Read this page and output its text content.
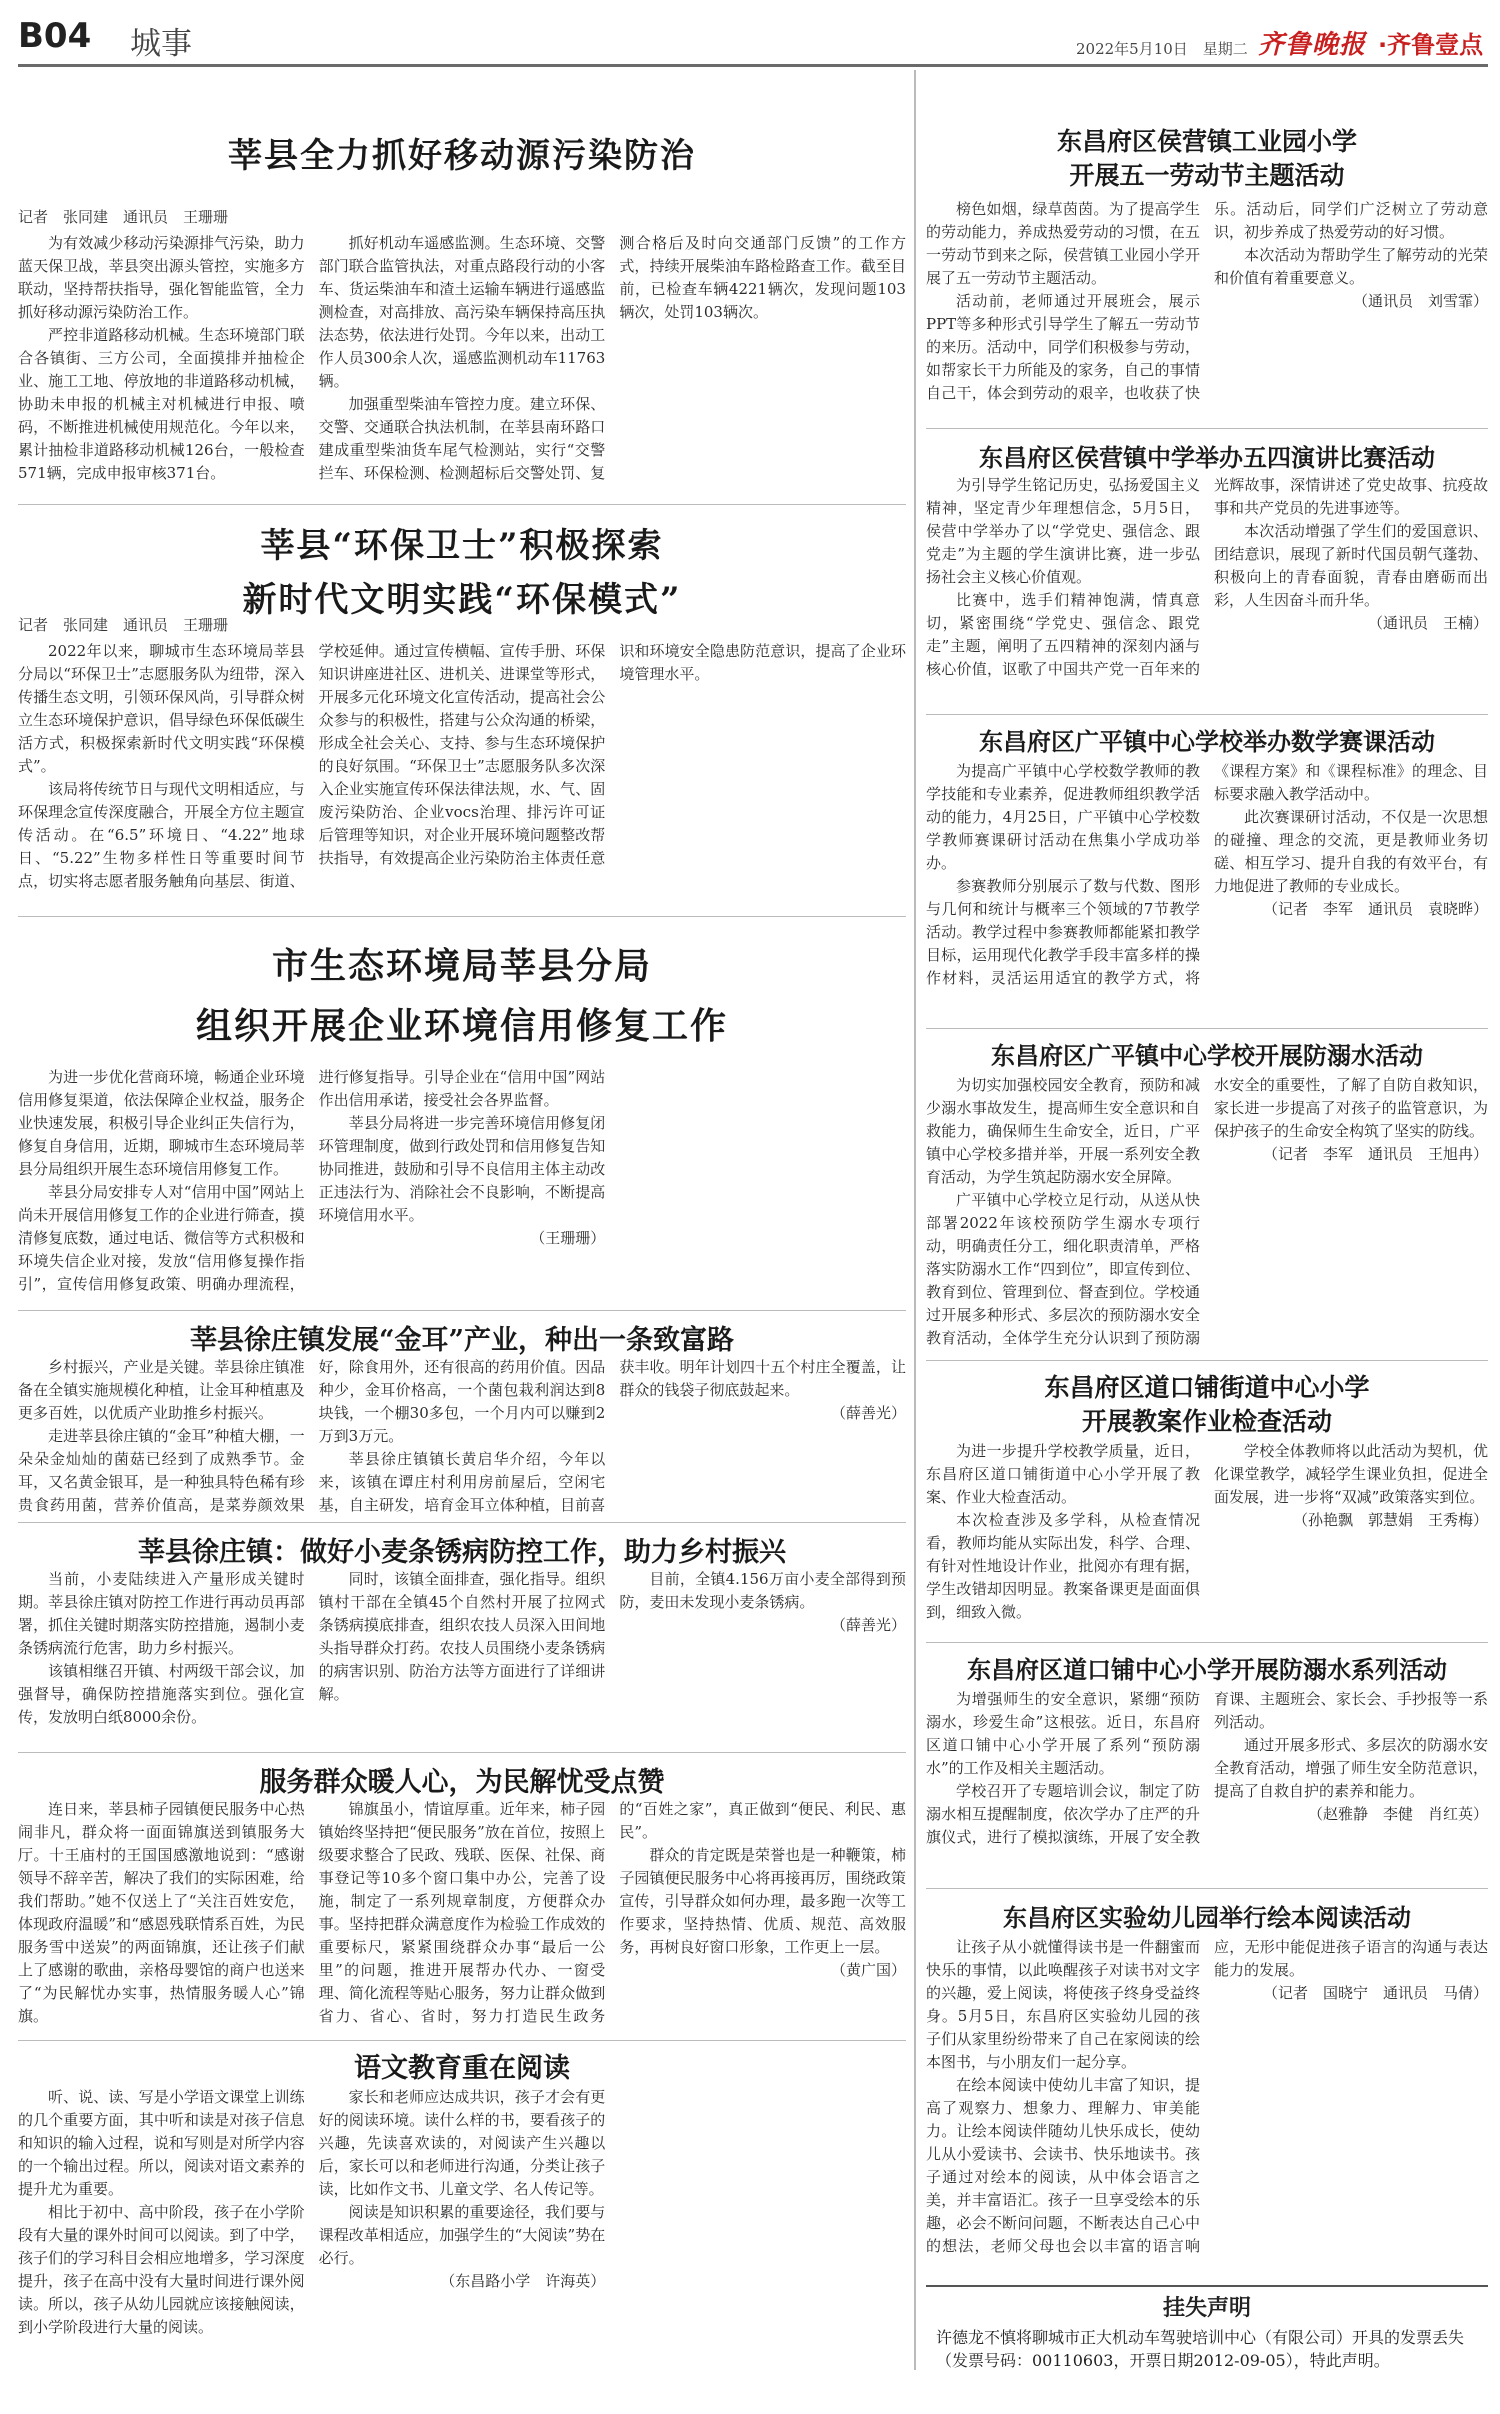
B04 城事	2022年5月10日　星期二 齐鲁晚报 ·齐鲁壹点
莘县全力抓好移动源污染防治
记者　张同建　通讯员　王珊珊

为有效减少移动污染源排气污染，助力蓝天保卫战，莘县突出源头管控，实施多方联动，坚持帮扶指导，强化智能监管，全力抓好移动源污染防治工作。

严控非道路移动机械。生态环境部门联合各镇街、三方公司，全面摸排并抽检企业、施工工地、停放地的非道路移动机械，协助未申报的机械主对机械进行申报、喷码，不断推进机械使用规范化。今年以来，累计抽检非道路移动机械126台，一般检查571辆，完成申报审核371台。

抓好机动车遥感监测。生态环境、交警部门联合监管执法，对重点路段行动的小客车、货运柴油车和渣土运输车辆进行遥感监测检查，对高排放、高污染车辆保持高压执法态势，依法进行处罚。今年以来，出动工作人员300余人次，遥感监测机动车11763辆。

加强重型柴油车管控力度。建立环保、交警、交通联合执法机制，在莘县南环路口建成重型柴油货车尾气检测站，实行“交警拦车、环保检测、检测超标后交警处罚、复测合格后及时向交通部门反馈”的工作方式，持续开展柴油车路检路查工作。截至目前，已检查车辆4221辆次，发现问题103辆次，处罚103辆次。

莘县“环保卫士”积极探索
新时代文明实践“环保模式”
记者　张同建　通讯员　王珊珊

2022年以来，聊城市生态环境局莘县分局以“环保卫士”志愿服务队为纽带，深入传播生态文明，引领环保风尚，引导群众树立生态环境保护意识，倡导绿色环保低碳生活方式，积极探索新时代文明实践“环保模式”。

该局将传统节日与现代文明相适应，与环保理念宣传深度融合，开展全方位主题宣传活动。在“6.5”环境日、“4.22”地球日、“5.22”生物多样性日等重要时间节点，切实将志愿者服务触角向基层、街道、学校延伸。通过宣传横幅、宣传手册、环保知识讲座进社区、进机关、进课堂等形式，开展多元化环境文化宣传活动，提高社会公众参与的积极性，搭建与公众沟通的桥梁，形成全社会关心、支持、参与生态环境保护的良好氛围。“环保卫士”志愿服务队多次深入企业实施宣传环保法律法规，水、气、固废污染防治、企业vocs治理、排污许可证后管理等知识，对企业开展环境问题整改帮扶指导，有效提高企业污染防治主体责任意识和环境安全隐患防范意识，提高了企业环境管理水平。

市生态环境局莘县分局
组织开展企业环境信用修复工作

为进一步优化营商环境，畅通企业环境信用修复渠道，依法保障企业权益，服务企业快速发展，积极引导企业纠正失信行为，修复自身信用，近期，聊城市生态环境局莘县分局组织开展生态环境信用修复工作。

莘县分局安排专人对“信用中国”网站上尚未开展信用修复工作的企业进行筛查，摸清修复底数，通过电话、微信等方式积极和环境失信企业对接，发放“信用修复操作指引”，宣传信用修复政策、明确办理流程，进行修复指导。引导企业在“信用中国”网站作出信用承诺，接受社会各界监督。

莘县分局将进一步完善环境信用修复闭环管理制度，做到行政处罚和信用修复告知协同推进，鼓励和引导不良信用主体主动改正违法行为、消除社会不良影响，不断提高环境信用水平。

（王珊珊）

莘县徐庄镇发展“金耳”产业，种出一条致富路

乡村振兴，产业是关键。莘县徐庄镇准备在全镇实施规模化种植，让金耳种植惠及更多百姓，以优质产业助推乡村振兴。

走进莘县徐庄镇的“金耳”种植大棚，一朵朵金灿灿的菌菇已经到了成熟季节。金耳，又名黄金银耳，是一种独具特色稀有珍贵食药用菌，营养价值高，是菜券颜效果好，除食用外，还有很高的药用价值。因品种少，金耳价格高，一个菌包栽利润达到8块钱，一个棚30多包，一个月内可以赚到2万到3万元。

莘县徐庄镇镇长黄启华介绍，今年以来，该镇在谭庄村利用房前屋后，空闲宅基，自主研发，培育金耳立体种植，目前喜获丰收。明年计划四十五个村庄全覆盖，让群众的钱袋子彻底鼓起来。

（薛善光）

莘县徐庄镇：做好小麦条锈病防控工作，助力乡村振兴

当前，小麦陆续进入产量形成关键时期。莘县徐庄镇对防控工作进行再动员再部署，抓住关键时期落实防控措施，遏制小麦条锈病流行危害，助力乡村振兴。

该镇相继召开镇、村两级干部会议，加强督导，确保防控措施落实到位。强化宣传，发放明白纸8000余份。

同时，该镇全面排查，强化指导。组织镇村干部在全镇45个自然村开展了拉网式条锈病摸底排查，组织农技人员深入田间地头指导群众打药。农技人员围绕小麦条锈病的病害识别、防治方法等方面进行了详细讲解。

目前，全镇4.156万亩小麦全部得到预防，麦田未发现小麦条锈病。

（薛善光）

服务群众暖人心，为民解忧受点赞

连日来，莘县柿子园镇便民服务中心热闹非凡，群众将一面面锦旗送到镇服务大厅。十王庙村的王国国感激地说到：“感谢领导不辞辛苦，解决了我们的实际困难，给我们帮助。”她不仅送上了“关注百姓安危，体现政府温暖”和“感恩残联情系百姓，为民服务雪中送炭”的两面锦旗，还让孩子们献上了感谢的歌曲，亲格母婴馆的商户也送来了“为民解忧办实事，热情服务暖人心”锦旗。

锦旗虽小，情谊厚重。近年来，柿子园镇始终坚持把“便民服务”放在首位，按照上级要求整合了民政、残联、医保、社保、商事登记等10多个窗口集中办公，完善了设施，制定了一系列规章制度，方便群众办事。坚持把群众满意度作为检验工作成效的重要标尺，紧紧围绕群众办事“最后一公里”的问题，推进开展帮办代办、一窗受理、简化流程等贴心服务，努力让群众做到省力、省心、省时，努力打造民生政务的“百姓之家”，真正做到“便民、利民、惠民”。

群众的肯定既是荣誉也是一种鞭策，柿子园镇便民服务中心将再接再厉，围绕政策宣传，引导群众如何办理，最多跑一次等工作要求，坚持热情、优质、规范、高效服务，再树良好窗口形象，工作更上一层。

（黄广国）

语文教育重在阅读

听、说、读、写是小学语文课堂上训练的几个重要方面，其中听和读是对孩子信息和知识的输入过程，说和写则是对所学内容的一个输出过程。所以，阅读对语文素养的提升尤为重要。

相比于初中、高中阶段，孩子在小学阶段有大量的课外时间可以阅读。到了中学，孩子们的学习科目会相应地增多，学习深度提升，孩子在高中没有大量时间进行课外阅读。所以，孩子从幼儿园就应该接触阅读，到小学阶段进行大量的阅读。

家长和老师应达成共识，孩子才会有更好的阅读环境。读什么样的书，要看孩子的兴趣，先读喜欢读的，对阅读产生兴趣以后，家长可以和老师进行沟通，分类让孩子读，比如作文书、儿童文学、名人传记等。

阅读是知识积累的重要途径，我们要与课程改革相适应，加强学生的“大阅读”势在必行。

（东昌路小学　许海英）

东昌府区侯营镇工业园小学
开展五一劳动节主题活动

榜色如烟，绿草茵茵。为了提高学生的劳动能力，养成热爱劳动的习惯，在五一劳动节到来之际，侯营镇工业园小学开展了五一劳动节主题活动。

活动前，老师通过开展班会，展示PPT等多种形式引导学生了解五一劳动节的来历。活动中，同学们积极参与劳动，如帮家长干力所能及的家务，自己的事情自己干，体会到劳动的艰辛，也收获了快乐。活动后，同学们广泛树立了劳动意识，初步养成了热爱劳动的好习惯。

本次活动为帮助学生了解劳动的光荣和价值有着重要意义。

（通讯员　刘雪霏）

东昌府区侯营镇中学举办五四演讲比赛活动

为引导学生铭记历史，弘扬爱国主义精神，坚定青少年理想信念，5月5日，侯营中学举办了以“学党史、强信念、跟党走”为主题的学生演讲比赛，进一步弘扬社会主义核心价值观。

比赛中，选手们精神饱满，情真意切，紧密围绕“学党史、强信念、跟党走”主题，阐明了五四精神的深刻内涵与核心价值，讴歌了中国共产党一百年来的光辉故事，深情讲述了党史故事、抗疫故事和共产党员的先进事迹等。

本次活动增强了学生们的爱国意识、团结意识，展现了新时代国员朝气蓬勃、积极向上的青春面貌，青春由磨砺而出彩，人生因奋斗而升华。

（通讯员　王楠）

东昌府区广平镇中心学校举办数学赛课活动

为提高广平镇中心学校数学教师的教学技能和专业素养，促进教师组织教学活动的能力，4月25日，广平镇中心学校数学教师赛课研讨活动在焦集小学成功举办。

参赛教师分别展示了数与代数、图形与几何和统计与概率三个领域的7节教学活动。教学过程中参赛教师都能紧扣教学目标，运用现代化教学手段丰富多样的操作材料，灵活运用适宜的教学方式，将《课程方案》和《课程标准》的理念、目标要求融入教学活动中。

此次赛课研讨活动，不仅是一次思想的碰撞、理念的交流，更是教师业务切磋、相互学习、提升自我的有效平台，有力地促进了教师的专业成长。

（记者　李军　通讯员　袁晓晔）

东昌府区广平镇中心学校开展防溺水活动

为切实加强校园安全教育，预防和减少溺水事故发生，提高师生安全意识和自救能力，确保师生生命安全，近日，广平镇中心学校多措并举，开展一系列安全教育活动，为学生筑起防溺水安全屏障。

广平镇中心学校立足行动，从送从快部署2022年该校预防学生溺水专项行动，明确责任分工，细化职责清单，严格落实防溺水工作“四到位”，即宣传到位、教育到位、管理到位、督查到位。学校通过开展多种形式、多层次的预防溺水安全教育活动，全体学生充分认识到了预防溺水安全的重要性，了解了自防自救知识，家长进一步提高了对孩子的监管意识，为保护孩子的生命安全构筑了坚实的防线。

（记者　李军　通讯员　王旭冉）

东昌府区道口铺街道中心小学
开展教案作业检查活动

为进一步提升学校教学质量，近日，东昌府区道口铺街道中心小学开展了教案、作业大检查活动。

本次检查涉及多学科，从检查情况看，教师均能从实际出发，科学、合理、有针对性地设计作业，批阅亦有理有据，学生改错却因明显。教案备课更是面面俱到，细致入微。

学校全体教师将以此活动为契机，优化课堂教学，减轻学生课业负担，促进全面发展，进一步将“双减”政策落实到位。

（孙艳飘　郭慧娟　王秀梅）

东昌府区道口铺中心小学开展防溺水系列活动

为增强师生的安全意识，紧绷“预防溺水，珍爱生命”这根弦。近日，东昌府区道口铺中心小学开展了系列“预防溺水”的工作及相关主题活动。

学校召开了专题培训会议，制定了防溺水相互提醒制度，依次学办了庄严的升旗仪式，进行了模拟演练，开展了安全教育课、主题班会、家长会、手抄报等一系列活动。

通过开展多形式、多层次的防溺水安全教育活动，增强了师生安全防范意识，提高了自救自护的素养和能力。

（赵雅静　李健　肖红英）

东昌府区实验幼儿园举行绘本阅读活动

让孩子从小就懂得读书是一件翻蜜而快乐的事情，以此唤醒孩子对读书对文字的兴趣，爱上阅读，将使孩子终身受益终身。5月5日，东昌府区实验幼儿园的孩子们从家里纷纷带来了自己在家阅读的绘本图书，与小朋友们一起分享。

在绘本阅读中使幼儿丰富了知识，提高了观察力、想象力、理解力、审美能力。让绘本阅读伴随幼儿快乐成长，使幼儿从小爱读书、会读书、快乐地读书。孩子通过对绘本的阅读，从中体会语言之美，并丰富语汇。孩子一旦享受绘本的乐趣，必会不断问问题，不断表达自己心中的想法，老师父母也会以丰富的语言响应，无形中能促进孩子语言的沟通与表达能力的发展。

（记者　国晓宁　通讯员　马倩）

挂失声明
许德龙不慎将聊城市正大机动车驾驶培训中心（有限公司）开具的发票丢失（发票号码：00110603，开票日期2012-09-05），特此声明。
